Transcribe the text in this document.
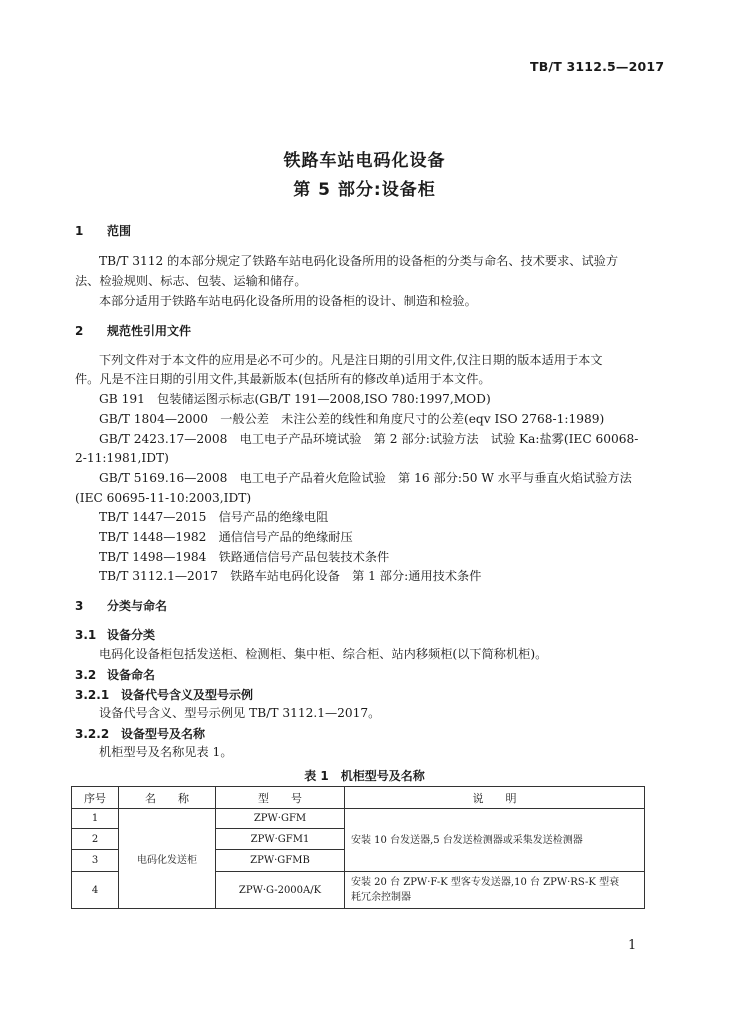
TB/T 3112.5—2017
铁路车站电码化设备
第 5 部分:设备柜
1 范围
TB/T 3112 的本部分规定了铁路车站电码化设备所用的设备柜的分类与命名、技术要求、试验方
法、检验规则、标志、包装、运输和储存。
本部分适用于铁路车站电码化设备所用的设备柜的设计、制造和检验。
2 规范性引用文件
下列文件对于本文件的应用是必不可少的。凡是注日期的引用文件,仅注日期的版本适用于本文
件。凡是不注日期的引用文件,其最新版本(包括所有的修改单)适用于本文件。
GB 191　包装储运图示标志(GB/T 191—2008,ISO 780:1997,MOD)
GB/T 1804—2000　一般公差　未注公差的线性和角度尺寸的公差(eqv ISO 2768-1:1989)
GB/T 2423.17—2008　电工电子产品环境试验　第 2 部分:试验方法　试验 Ka:盐雾(IEC 60068-
2-11:1981,IDT)
GB/T 5169.16—2008　电工电子产品着火危险试验　第 16 部分:50 W 水平与垂直火焰试验方法
(IEC 60695-11-10:2003,IDT)
TB/T 1447—2015　信号产品的绝缘电阻
TB/T 1448—1982　通信信号产品的绝缘耐压
TB/T 1498—1984　铁路通信信号产品包装技术条件
TB/T 3112.1—2017　铁路车站电码化设备　第 1 部分:通用技术条件
3 分类与命名
3.1 设备分类
电码化设备柜包括发送柜、检测柜、集中柜、综合柜、站内移频柜(以下简称机柜)。
3.2 设备命名
3.2.1 设备代号含义及型号示例
设备代号含义、型号示例见 TB/T 3112.1—2017。
3.2.2 设备型号及名称
机柜型号及名称见表 1。
表 1　机柜型号及名称
序号	名　　称	型　　号	说　　明
1	电码化发送柜	ZPW·GFM	安装 10 台发送器,5 台发送检测器或采集发送检测器
2		ZPW·GFM1	
3		ZPW·GFMB	
4		ZPW·G-2000A/K	安装 20 台 ZPW·F-K 型客专发送器,10 台 ZPW·RS-K 型衰
耗冗余控制器
1
